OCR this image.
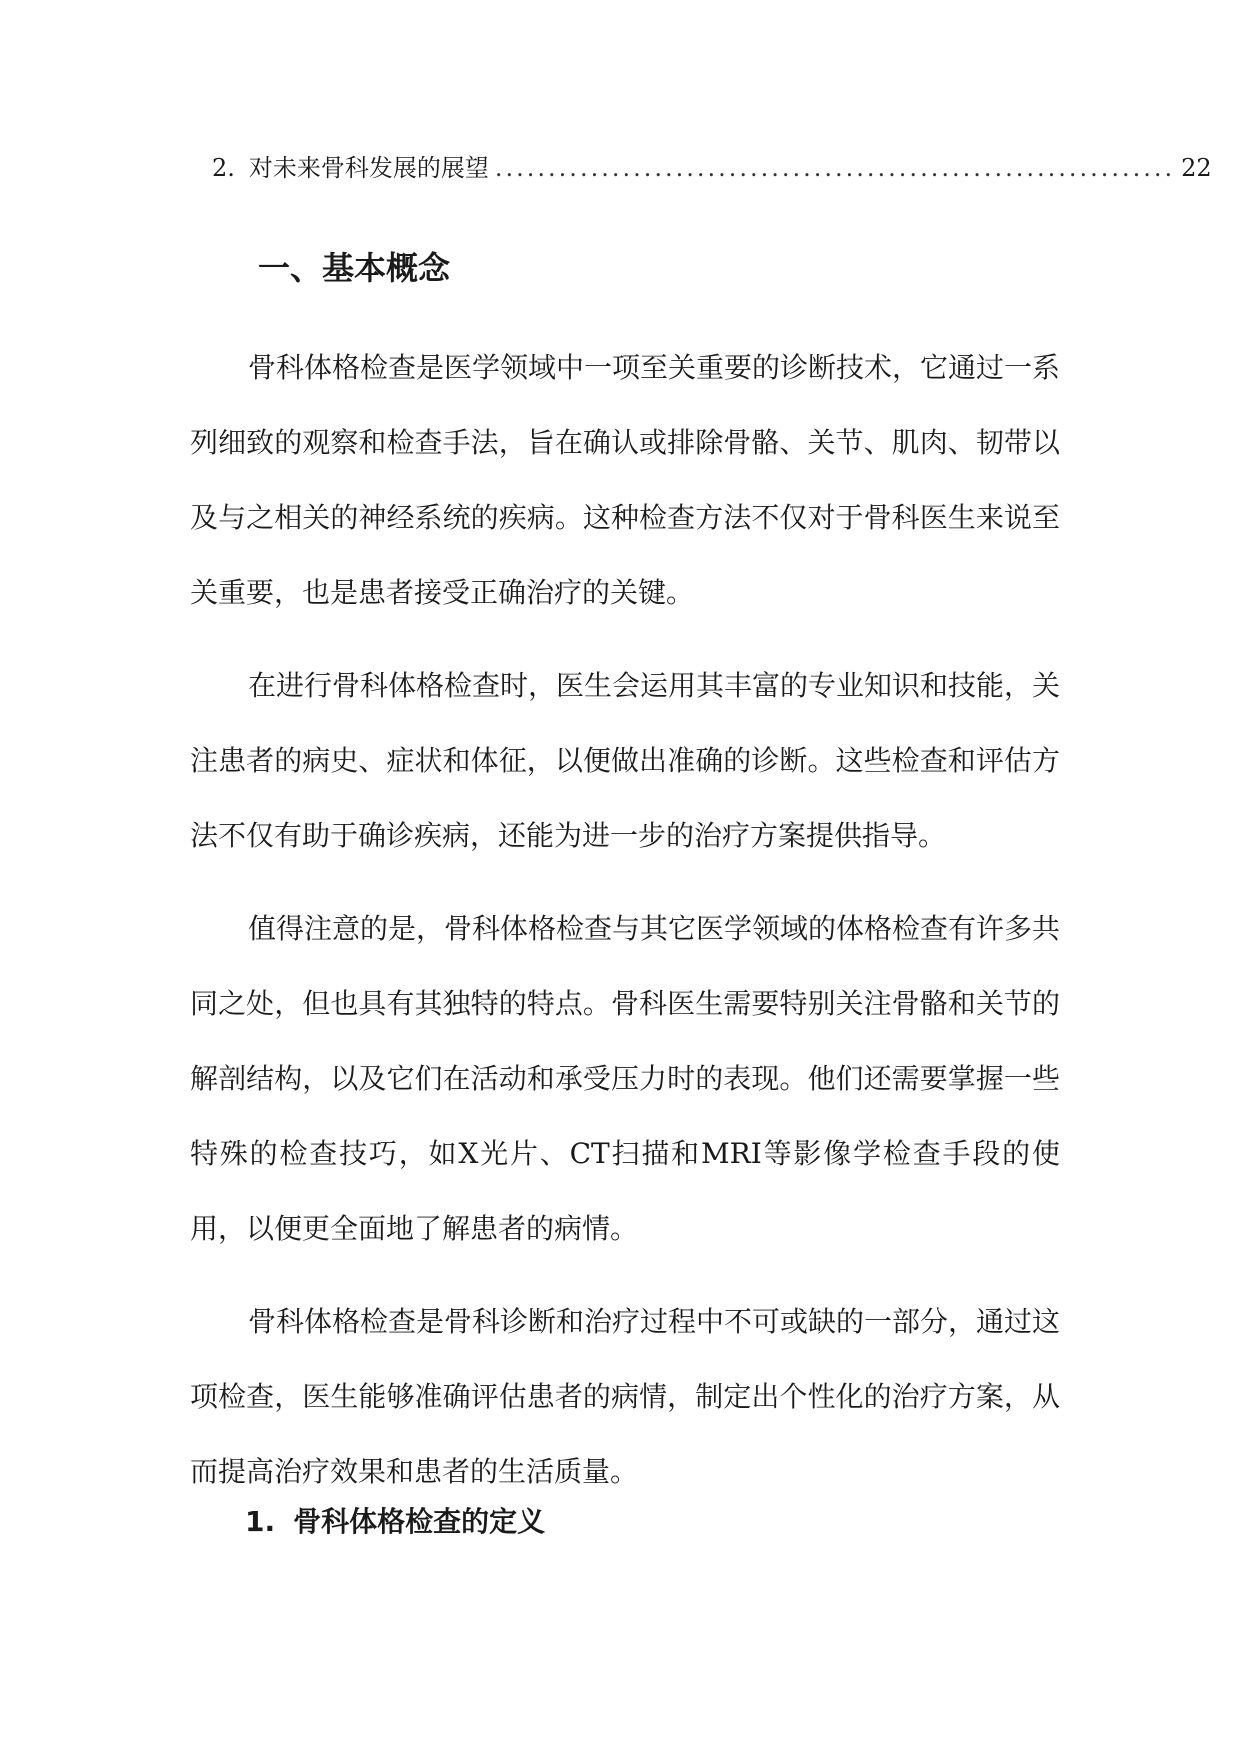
2. 对未来骨科发展的展望 ................................................................ 22
一、基本概念

骨科体格检查是医学领域中一项至关重要的诊断技术，它通过一系列细致的观察和检查手法，旨在确认或排除骨骼、关节、肌肉、韧带以及与之相关的神经系统的疾病。这种检查方法不仅对于骨科医生来说至关重要，也是患者接受正确治疗的关键。

在进行骨科体格检查时，医生会运用其丰富的专业知识和技能，关注患者的病史、症状和体征，以便做出准确的诊断。这些检查和评估方法不仅有助于确诊疾病，还能为进一步的治疗方案提供指导。

值得注意的是，骨科体格检查与其它医学领域的体格检查有许多共同之处，但也具有其独特的特点。骨科医生需要特别关注骨骼和关节的解剖结构，以及它们在活动和承受压力时的表现。他们还需要掌握一些特殊的检查技巧，如X光片、CT扫描和MRI等影像学检查手段的使用，以便更全面地了解患者的病情。

骨科体格检查是骨科诊断和治疗过程中不可或缺的一部分，通过这项检查，医生能够准确评估患者的病情，制定出个性化的治疗方案，从而提高治疗效果和患者的生活质量。

1. 骨科体格检查的定义
